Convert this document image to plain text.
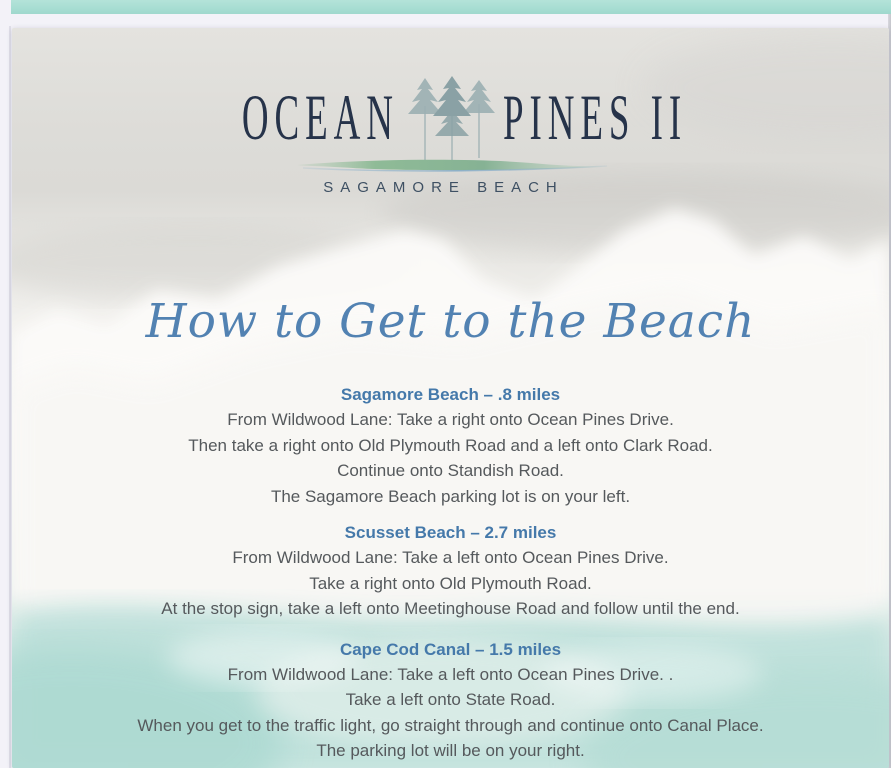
OCEAN PINES II
SAGAMORE BEACH
How to Get to the Beach

Sagamore Beach – .8 miles

From Wildwood Lane: Take a right onto Ocean Pines Drive.

Then take a right onto Old Plymouth Road and a left onto Clark Road.

Continue onto Standish Road.

The Sagamore Beach parking lot is on your left.

Scusset Beach – 2.7 miles

From Wildwood Lane: Take a left onto Ocean Pines Drive.

Take a right onto Old Plymouth Road.

At the stop sign, take a left onto Meetinghouse Road and follow until the end.

Cape Cod Canal – 1.5 miles

From Wildwood Lane: Take a left onto Ocean Pines Drive. .

Take a left onto State Road.

When you get to the traffic light, go straight through and continue onto Canal Place.

The parking lot will be on your right.
